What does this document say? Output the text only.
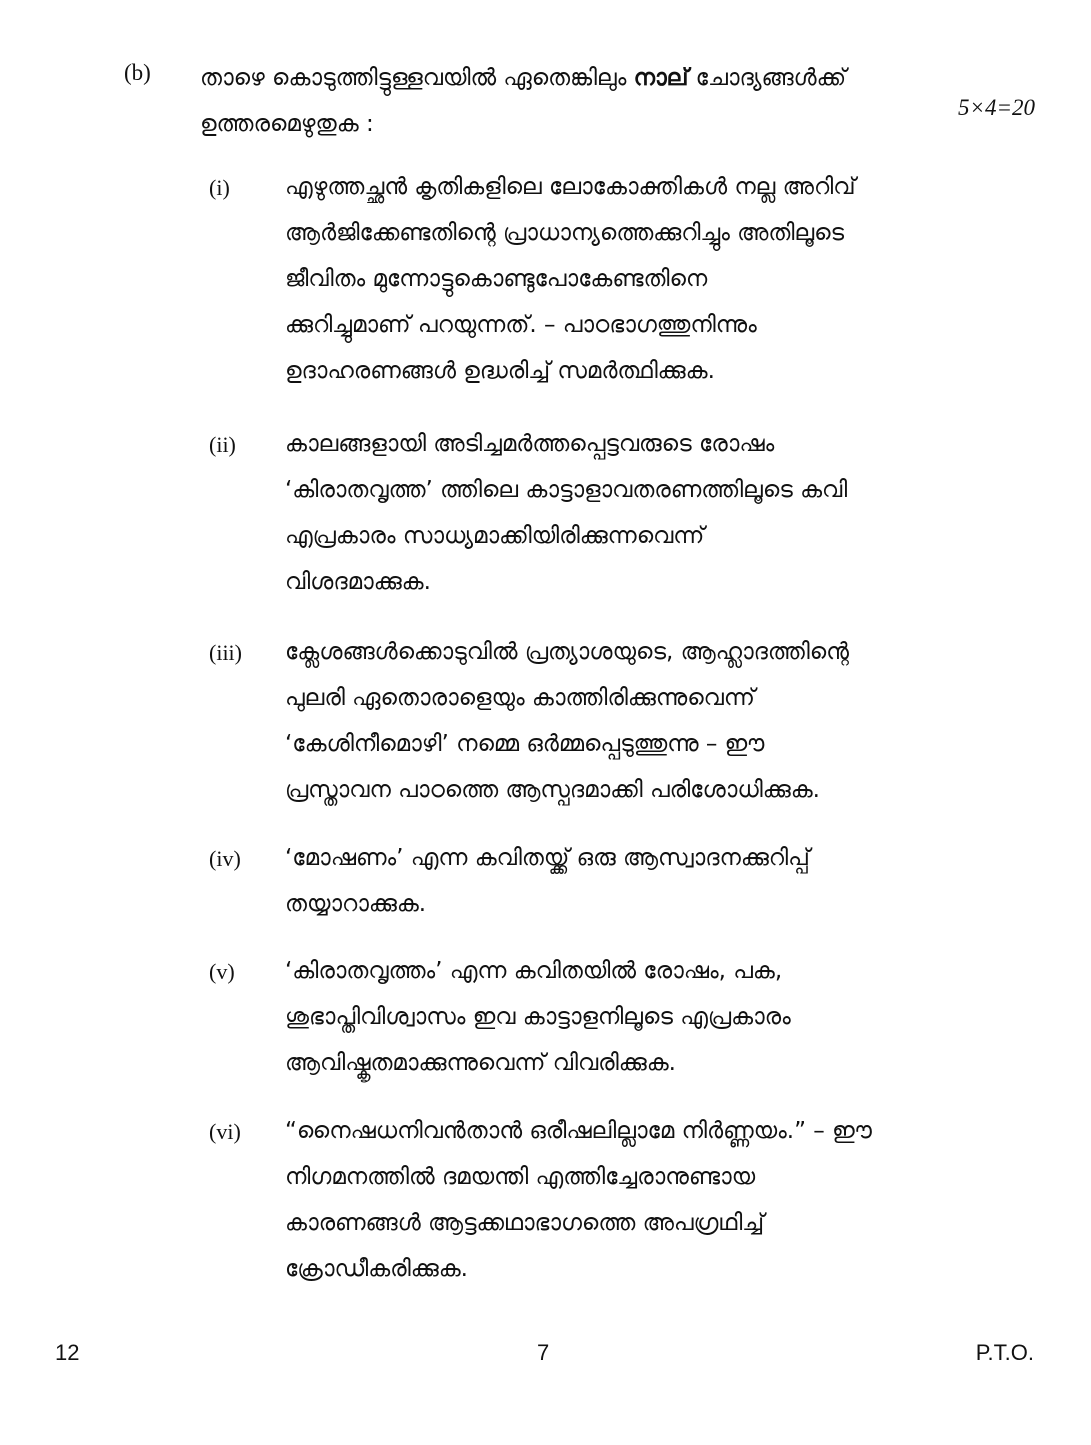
(b) താഴെ കൊടുത്തിട്ടുള്ളവയിൽ ഏതെങ്കിലും നാല് ചോദ്യങ്ങൾക്ക്
ഉത്തരമെഴുതുക :
5×4=20
(i) എഴുത്തച്ഛൻ കൃതികളിലെ ലോകോക്തികൾ നല്ല അറിവ്
ആർജിക്കേണ്ടതിന്റെ പ്രാധാന്യത്തെക്കുറിച്ചും അതിലൂടെ
ജീവിതം മുന്നോട്ടുകൊണ്ടുപോകേണ്ടതിനെ
ക്കുറിച്ചുമാണ് പറയുന്നത്. – പാഠഭാഗത്തുനിന്നും
ഉദാഹരണങ്ങൾ ഉദ്ധരിച്ച് സമർത്ഥിക്കുക.
(ii) കാലങ്ങളായി അടിച്ചമർത്തപ്പെട്ടവരുടെ രോഷം
‘കിരാതവൃത്ത’ ത്തിലെ കാട്ടാളാവതരണത്തിലൂടെ കവി
എപ്രകാരം സാധ്യമാക്കിയിരിക്കുന്നവെന്ന്
വിശദമാക്കുക.
(iii) ക്ലേശങ്ങൾക്കൊടുവിൽ പ്രത്യാശയുടെ, ആഹ്ലാദത്തിന്റെ
പുലരി ഏതൊരാളെയും കാത്തിരിക്കുന്നുവെന്ന്
‘കേശിനീമൊഴി’ നമ്മെ ഒർമ്മപ്പെടുത്തുന്നു – ഈ
പ്രസ്താവന പാഠത്തെ ആസ്പദമാക്കി പരിശോധിക്കുക.
(iv) ‘മോഷണം’ എന്ന കവിതയ്ക്ക് ഒരു ആസ്വാദനക്കുറിപ്പ്
തയ്യാറാക്കുക.
(v) ‘കിരാതവൃത്തം’ എന്ന കവിതയിൽ രോഷം, പക,
ശുഭാപ്തിവിശ്വാസം ഇവ കാട്ടാളനിലൂടെ എപ്രകാരം
ആവിഷ്കൃതമാക്കുന്നുവെന്ന് വിവരിക്കുക.
(vi) “നൈഷധനിവൻതാൻ ഒരീഷലില്ലാമേ നിർണ്ണയം.” – ഈ
നിഗമനത്തിൽ ദമയന്തി എത്തിച്ചേരാനുണ്ടായ
കാരണങ്ങൾ ആട്ടക്കഥാഭാഗത്തെ അപഗ്രഥിച്ച്
ക്രോഡീകരിക്കുക.
12	7	P.T.O.
